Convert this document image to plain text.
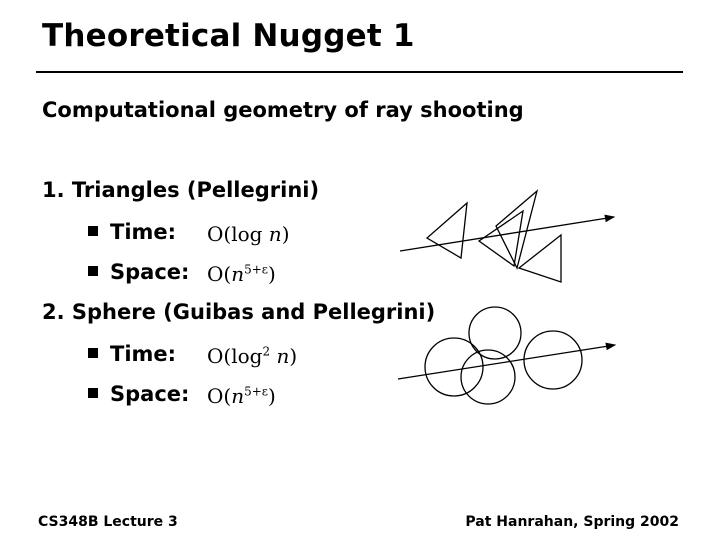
Theoretical Nugget 1
Computational geometry of ray shooting
1. Triangles (Pellegrini)
Time: O(log n)
Space: $O(n^{5+\varepsilon})$
2. Sphere (Guibas and Pellegrini)
Time: $O(\log^2$ n)
Space: $O(n^{5+\varepsilon})$
CS348B Lecture 3	Pat Hanrahan, Spring 2002
